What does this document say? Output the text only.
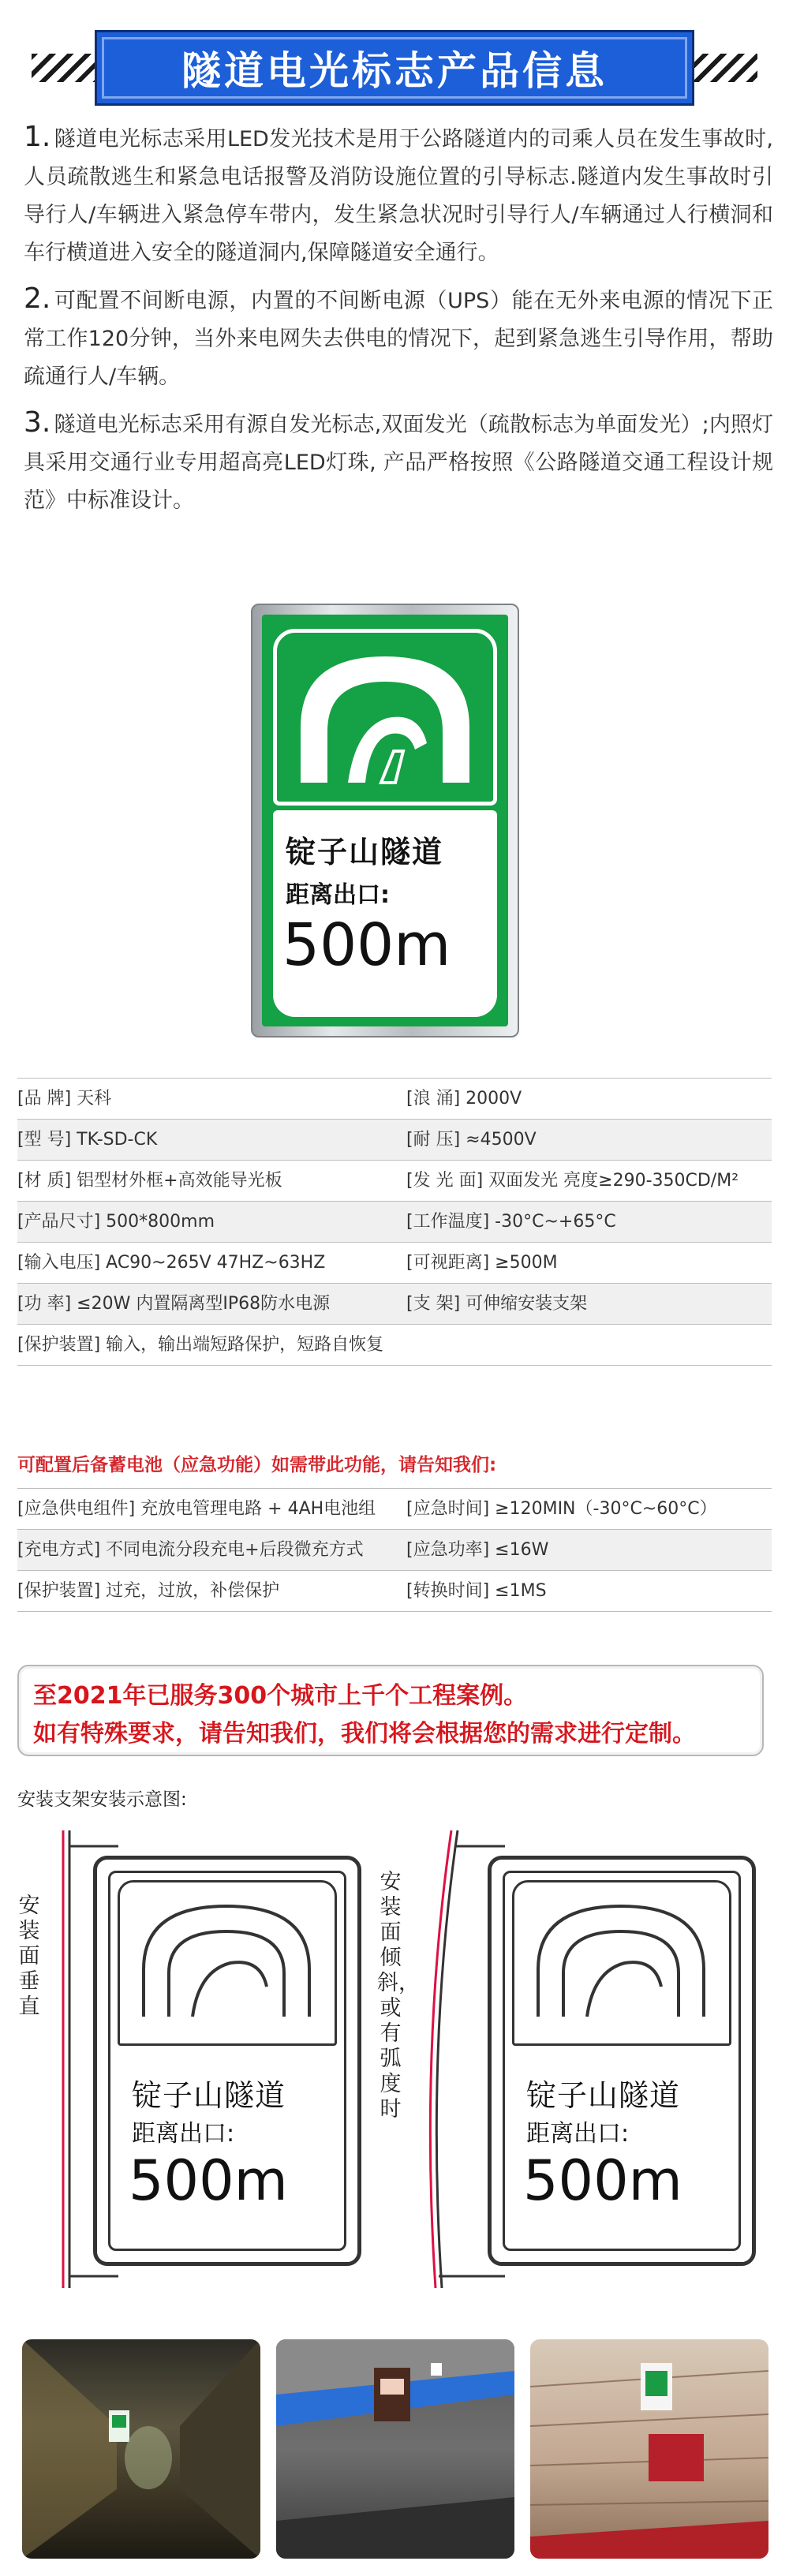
隧道电光标志产品信息

1. 隧道电光标志采用LED发光技术是用于公路隧道内的司乘人员在发生事故时,人员疏散逃生和紧急电话报警及消防设施位置的引导标志.隧道内发生事故时引导行人/车辆进入紧急停车带内，发生紧急状况时引导行人/车辆通过人行横洞和车行横道进入安全的隧道洞内,保障隧道安全通行。

2. 可配置不间断电源，内置的不间断电源（UPS）能在无外来电源的情况下正常工作120分钟，当外来电网失去供电的情况下，起到紧急逃生引导作用，帮助疏通行人/车辆。

3. 隧道电光标志采用有源自发光标志,双面发光（疏散标志为单面发光）;内照灯具采用交通行业专用超高亮LED灯珠, 产品严格按照《公路隧道交通工程设计规范》中标准设计。

锭子山隧道
距离出口:
500m
[品 牌] 天科	[浪 涌] 2000V
[型 号] TK-SD-CK	[耐 压] ≈4500V
[材 质] 铝型材外框+高效能导光板	[发 光 面] 双面发光 亮度≥290-350CD/M²
[产品尺寸] 500*800mm	[工作温度] -30°C~+65°C
[输入电压] AC90~265V 47HZ~63HZ	[可视距离] ≥500M
[功 率] ≤20W 内置隔离型IP68防水电源	[支 架] 可伸缩安装支架
[保护装置] 输入，输出端短路保护，短路自恢复
可配置后备蓄电池（应急功能）如需带此功能，请告知我们:
[应急供电组件] 充放电管理电路 + 4AH电池组	[应急时间] ≥120MIN（-30°C~60°C）
[充电方式] 不同电流分段充电+后段微充方式	[应急功率] ≤16W
[保护装置] 过充，过放，补偿保护	[转换时间] ≤1MS
至2021年已服务300个城市上千个工程案例。
如有特殊要求，请告知我们，我们将会根据您的需求进行定制。
安装支架安装示意图:
安装面垂直
安装面倾斜，或有弧度时
锭子山隧道
距离出口:
500m
锭子山隧道
距离出口:
500m
